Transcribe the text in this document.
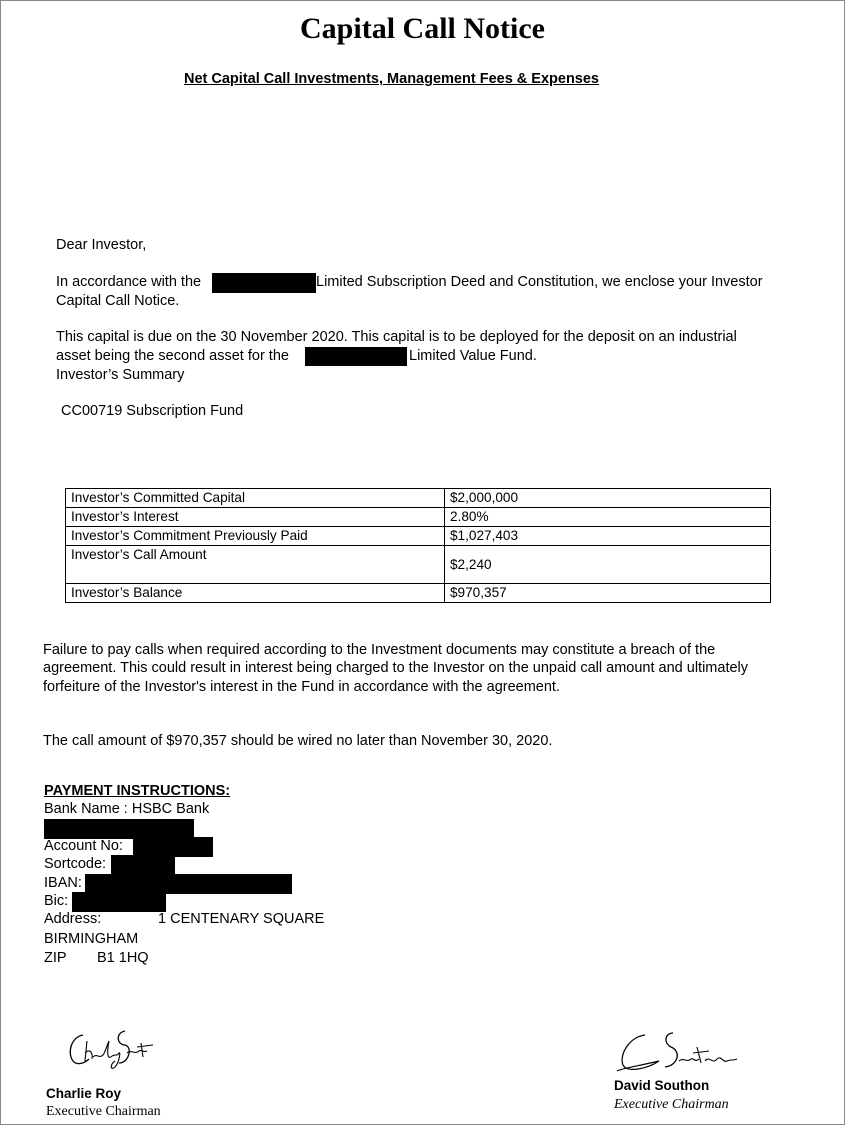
Capital Call Notice
Net Capital Call Investments, Management Fees & Expenses
Dear Investor,
In accordance with the	Limited Subscription Deed and Constitution, we enclose your Investor
Capital Call Notice.
This capital is due on the 30 November 2020. This capital is to be deployed for the deposit on an industrial
asset being the second asset for the	Limited Value Fund.
Investor’s Summary
CC00719 Subscription Fund
Investor’s Committed Capital	$2,000,000
Investor’s Interest	2.80%
Investor’s Commitment Previously Paid	$1,027,403
Investor’s Call Amount	$2,240
Investor’s Balance	$970,357
Failure to pay calls when required according to the Investment documents may constitute a breach of the
agreement. This could result in interest being charged to the Investor on the unpaid call amount and ultimately
forfeiture of the Investor's interest in the Fund in accordance with the agreement.
The call amount of $970,357 should be wired no later than November 30, 2020.
PAYMENT INSTRUCTIONS:
Bank Name : HSBC Bank
Account No:
Sortcode:
IBAN:
Bic:
Address:	1 CENTENARY SQUARE
BIRMINGHAM
ZIP B1 1HQ
Charlie Roy
Executive Chairman
David Southon
Executive Chairman
